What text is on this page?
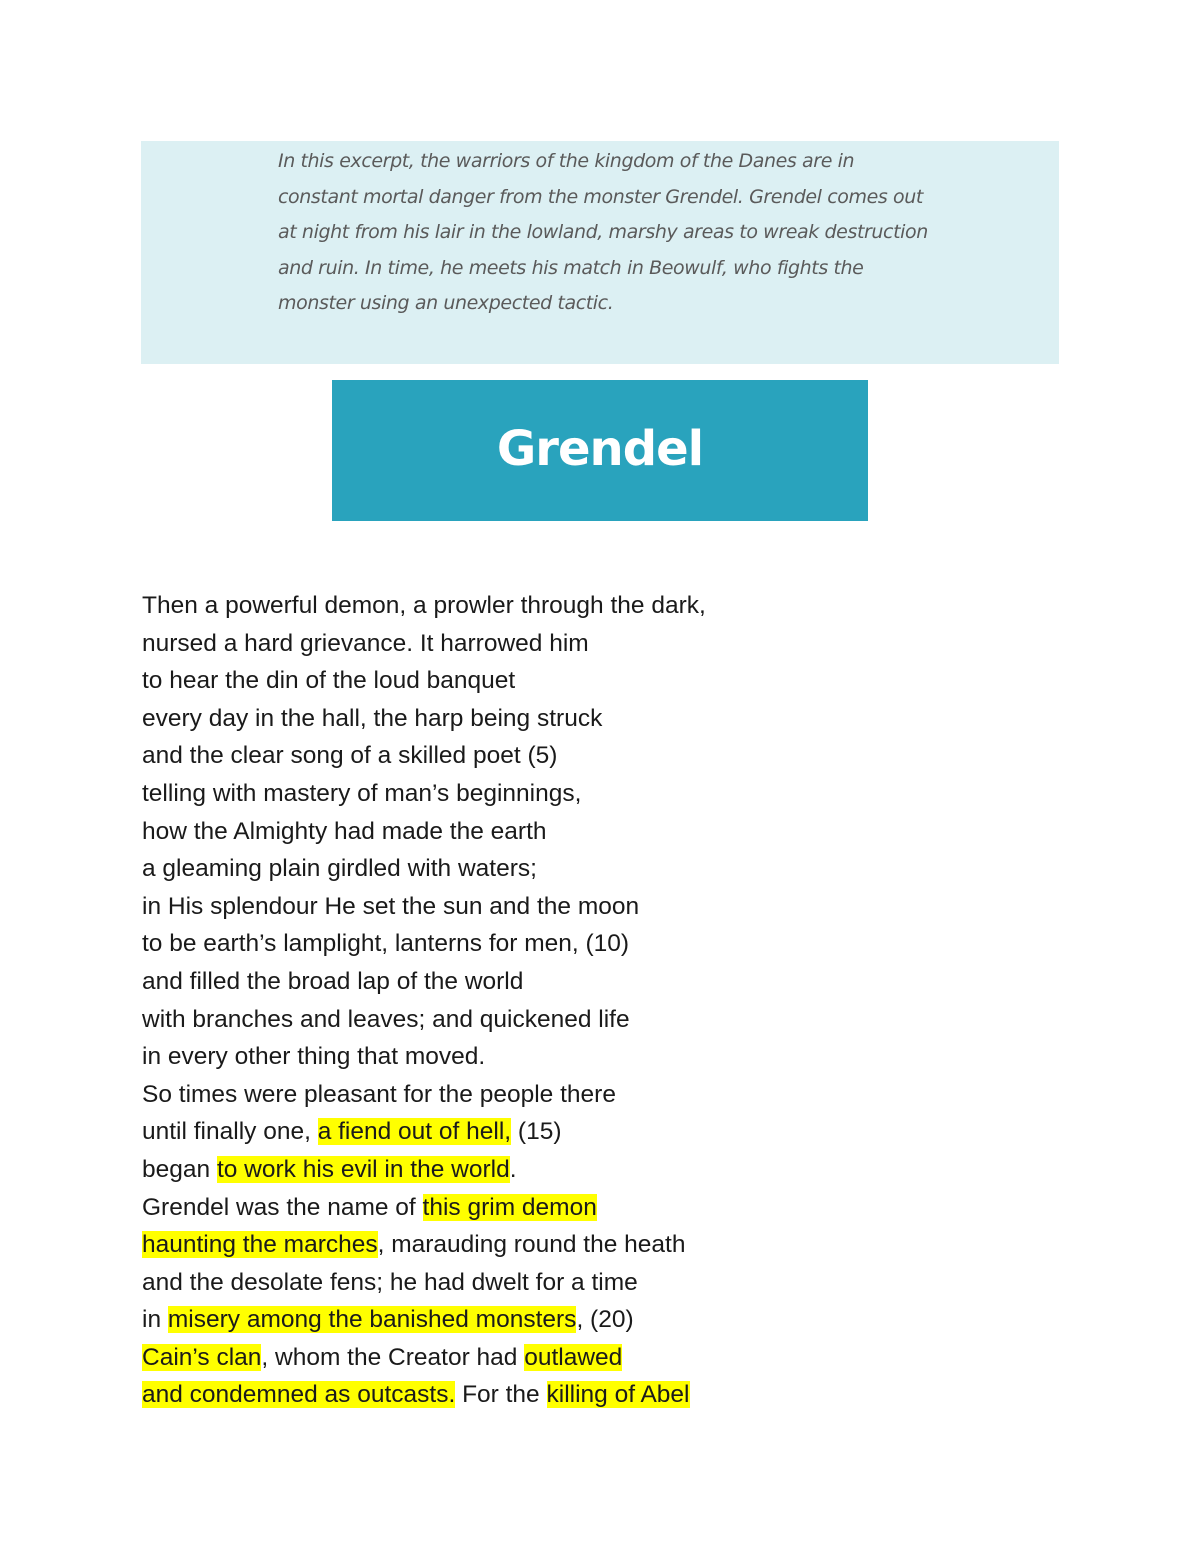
In this excerpt, the warriors of the kingdom of the Danes are in
constant mortal danger from the monster Grendel. Grendel comes out
at night from his lair in the lowland, marshy areas to wreak destruction
and ruin. In time, he meets his match in Beowulf, who fights the
monster using an unexpected tactic.

Grendel
Then a powerful demon, a prowler through the dark,
nursed a hard grievance. It harrowed him
to hear the din of the loud banquet
every day in the hall, the harp being struck
and the clear song of a skilled poet (5)
telling with mastery of man’s beginnings,
how the Almighty had made the earth
a gleaming plain girdled with waters;
in His splendour He set the sun and the moon
to be earth’s lamplight, lanterns for men, (10)
and filled the broad lap of the world
with branches and leaves; and quickened life
in every other thing that moved.
So times were pleasant for the people there
until finally one, a fiend out of hell, (15)
began to work his evil in the world.
Grendel was the name of this grim demon
haunting the marches, marauding round the heath
and the desolate fens; he had dwelt for a time
in misery among the banished monsters, (20)
Cain’s clan, whom the Creator had outlawed
and condemned as outcasts. For the killing of Abel
